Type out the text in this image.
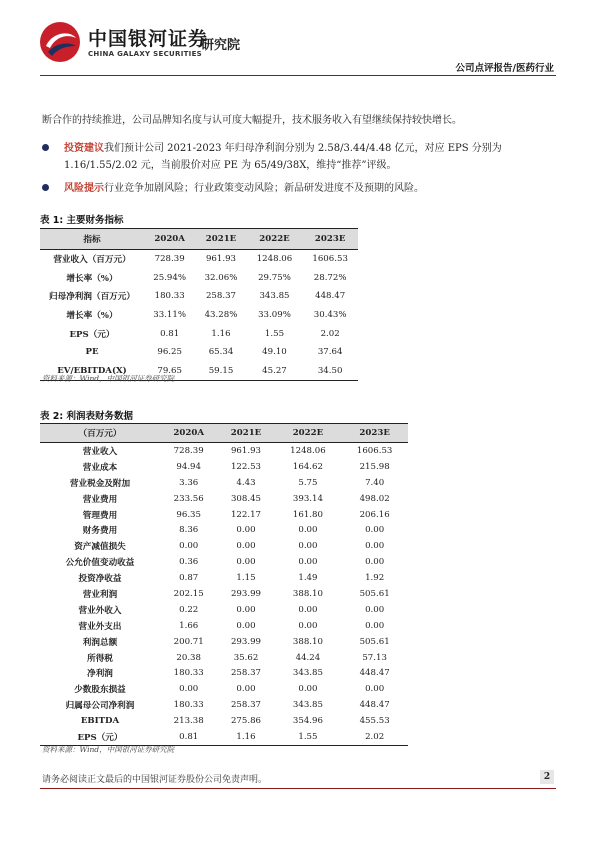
中国银河证券
CHINA GALAXY SECURITIES
研究院
公司点评报告/医药行业
断合作的持续推进，公司品牌知名度与认可度大幅提升，技术服务收入有望继续保持较快增长。
投资建议我们预计公司 2021-2023 年归母净利润分别为 2.58/3.44/4.48 亿元，对应 EPS 分别为 1.16/1.55/2.02 元，当前股价对应 PE 为 65/49/38X，维持“推荐”评级。
风险提示行业竞争加剧风险；行业政策变动风险；新品研发进度不及预期的风险。
表 1: 主要财务指标
指标	2020A	2021E	2022E	2023E
营业收入（百万元）	728.39	961.93	1248.06	1606.53
增长率（%）	25.94%	32.06%	29.75%	28.72%
归母净利润（百万元）	180.33	258.37	343.85	448.47
增长率（%）	33.11%	43.28%	33.09%	30.43%
EPS（元）	0.81	1.16	1.55	2.02
PE	96.25	65.34	49.10	37.64
EV/EBITDA(X)	79.65	59.15	45.27	34.50
资料来源：Wind，中国银河证券研究院
表 2: 利润表财务数据
（百万元）	2020A	2021E	2022E	2023E
营业收入	728.39	961.93	1248.06	1606.53
营业成本	94.94	122.53	164.62	215.98
营业税金及附加	3.36	4.43	5.75	7.40
营业费用	233.56	308.45	393.14	498.02
管理费用	96.35	122.17	161.80	206.16
财务费用	8.36	0.00	0.00	0.00
资产减值损失	0.00	0.00	0.00	0.00
公允价值变动收益	0.36	0.00	0.00	0.00
投资净收益	0.87	1.15	1.49	1.92
营业利润	202.15	293.99	388.10	505.61
营业外收入	0.22	0.00	0.00	0.00
营业外支出	1.66	0.00	0.00	0.00
利润总额	200.71	293.99	388.10	505.61
所得税	20.38	35.62	44.24	57.13
净利润	180.33	258.37	343.85	448.47
少数股东损益	0.00	0.00	0.00	0.00
归属母公司净利润	180.33	258.37	343.85	448.47
EBITDA	213.38	275.86	354.96	455.53
EPS（元）	0.81	1.16	1.55	2.02
资料来源：Wind，中国银河证券研究院
请务必阅读正文最后的中国银河证券股份公司免责声明。	2
